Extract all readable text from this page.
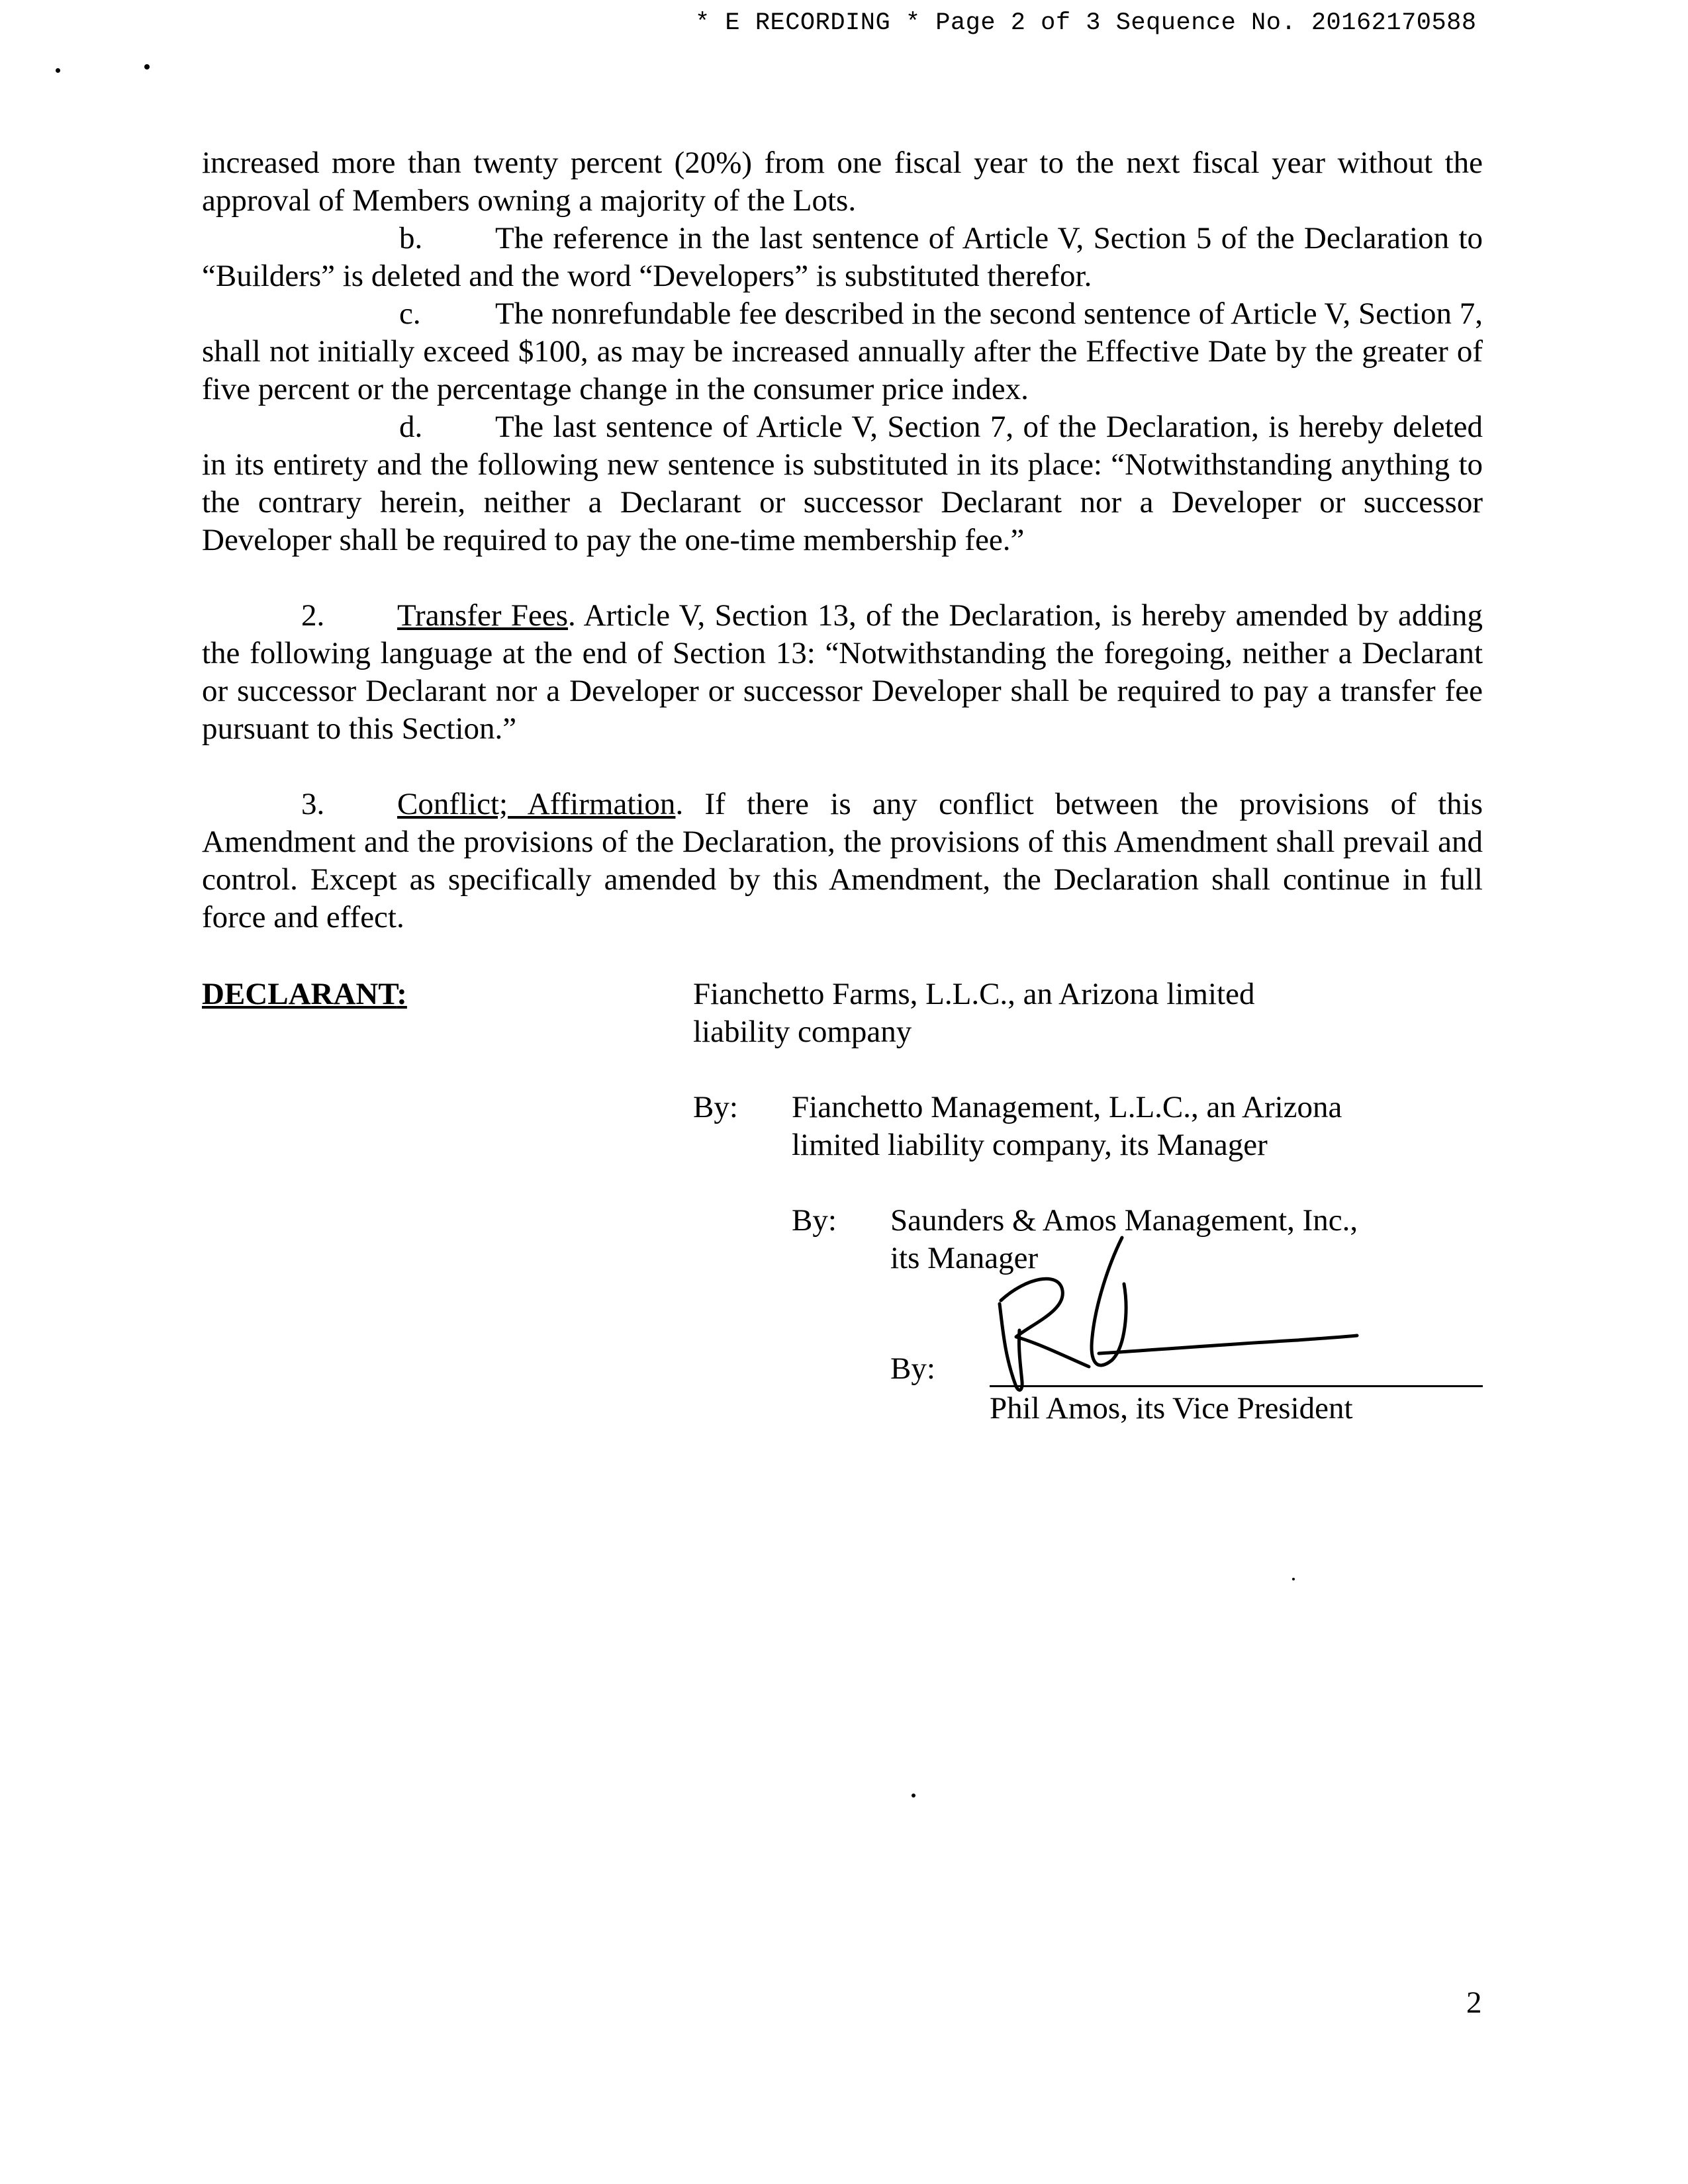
* E RECORDING * Page 2 of 3 Sequence No. 20162170588

increased more than twenty percent (20%) from one fiscal year to the next fiscal year without the approval of Members owning a majority of the Lots.

b. The reference in the last sentence of Article V, Section 5 of the Declaration to “Builders” is deleted and the word “Developers” is substituted therefor.

c. The nonrefundable fee described in the second sentence of Article V, Section 7, shall not initially exceed $100, as may be increased annually after the Effective Date by the greater of five percent or the percentage change in the consumer price index.

d. The last sentence of Article V, Section 7, of the Declaration, is hereby deleted in its entirety and the following new sentence is substituted in its place: “Notwithstanding anything to the contrary herein, neither a Declarant or successor Declarant nor a Developer or successor Developer shall be required to pay the one-time membership fee.”

2. Transfer Fees. Article V, Section 13, of the Declaration, is hereby amended by adding the following language at the end of Section 13: “Notwithstanding the foregoing, neither a Declarant or successor Declarant nor a Developer or successor Developer shall be required to pay a transfer fee pursuant to this Section.”

3. Conflict; Affirmation. If there is any conflict between the provisions of this Amendment and the provisions of the Declaration, the provisions of this Amendment shall prevail and control. Except as specifically amended by this Amendment, the Declaration shall continue in full force and effect.

DECLARANT:	Fianchetto Farms, L.L.C., an Arizona limited
liability company
By: Fianchetto Management, L.L.C., an Arizona
limited liability company, its Manager
By: Saunders & Amos Management, Inc.,
its Manager
By:
Phil Amos, its Vice President
2
